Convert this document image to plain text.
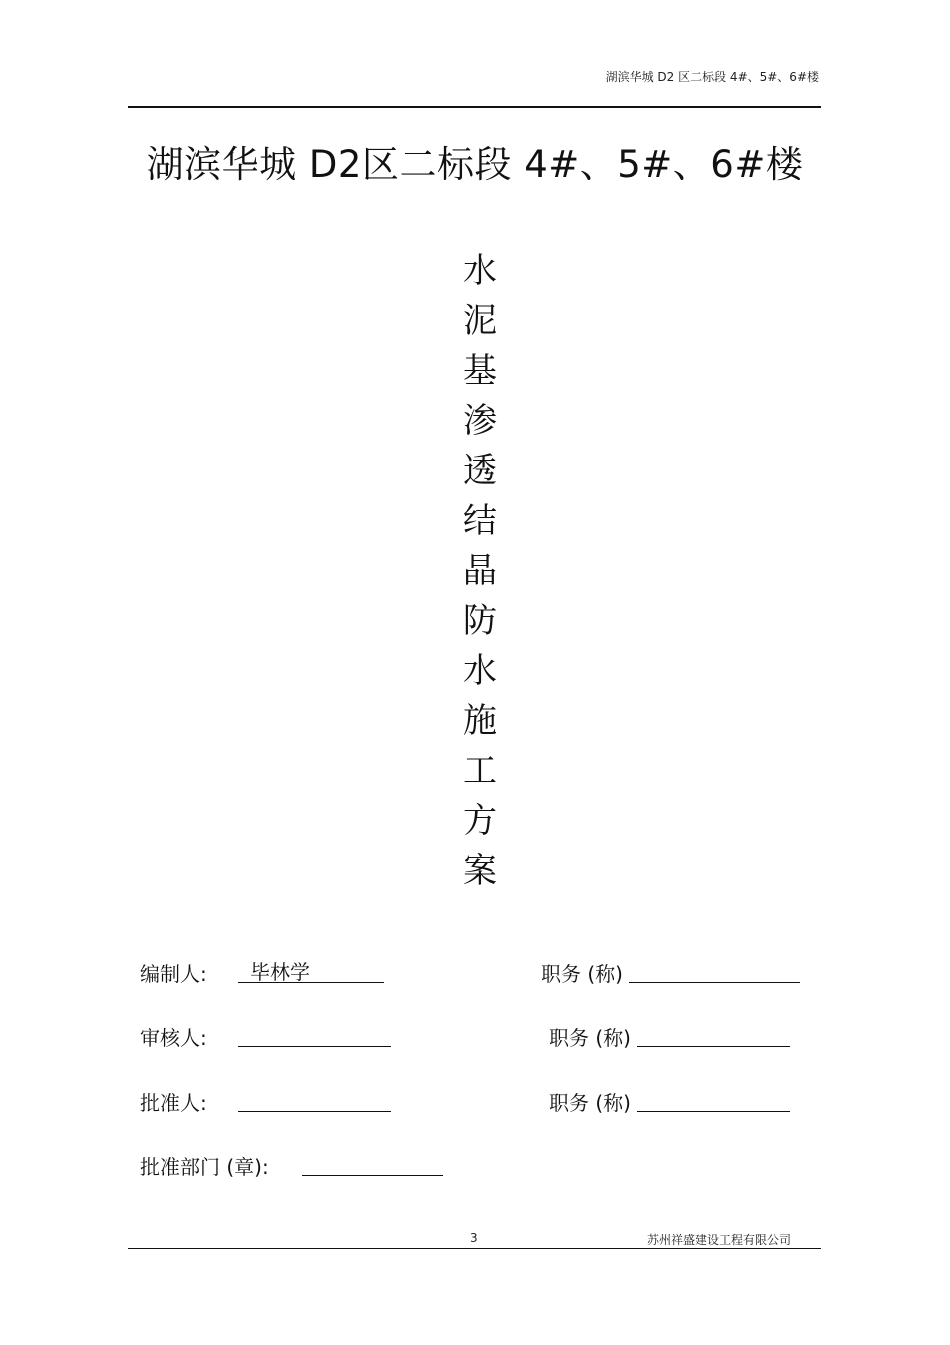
湖滨华城 D2 区二标段 4#、5#、6#楼
湖滨华城 D2区二标段 4#、5#、6#楼
水
泥
基
渗
透
结
晶
防
水
施
工
方
案
编制人: 毕林学	职务 (称)
审核人:	职务 (称)
批准人:	职务 (称)
批准部门 (章):
3	苏州祥盛建设工程有限公司
